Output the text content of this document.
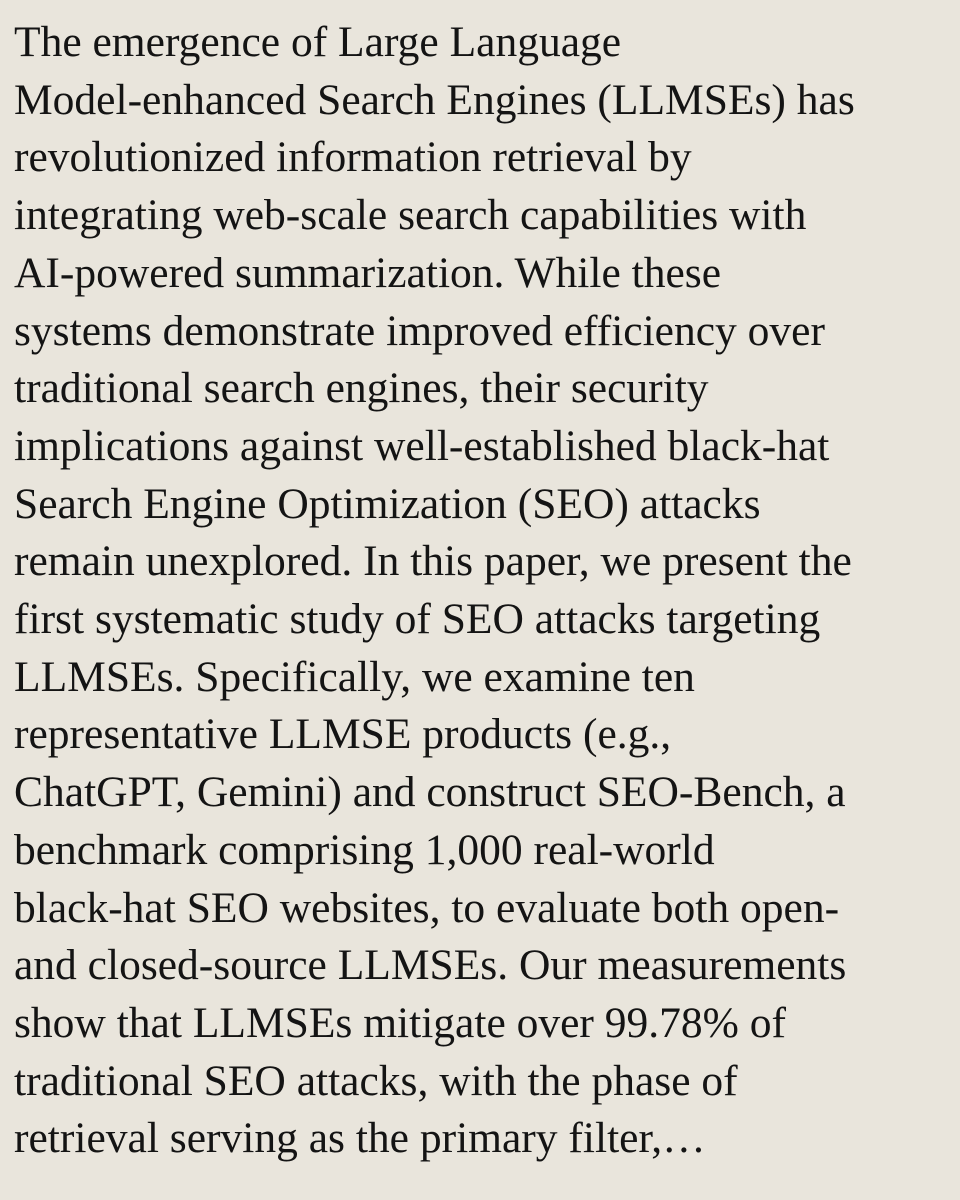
The emergence of Large Language
Model-enhanced Search Engines (LLMSEs) has
revolutionized information retrieval by
integrating web-scale search capabilities with
AI-powered summarization. While these
systems demonstrate improved efficiency over
traditional search engines, their security
implications against well-established black-hat
Search Engine Optimization (SEO) attacks
remain unexplored. In this paper, we present the
first systematic study of SEO attacks targeting
LLMSEs. Specifically, we examine ten
representative LLMSE products (e.g.,
ChatGPT, Gemini) and construct SEO-Bench, a
benchmark comprising 1,000 real-world
black-hat SEO websites, to evaluate both open-
and closed-source LLMSEs. Our measurements
show that LLMSEs mitigate over 99.78% of
traditional SEO attacks, with the phase of
retrieval serving as the primary filter,…
